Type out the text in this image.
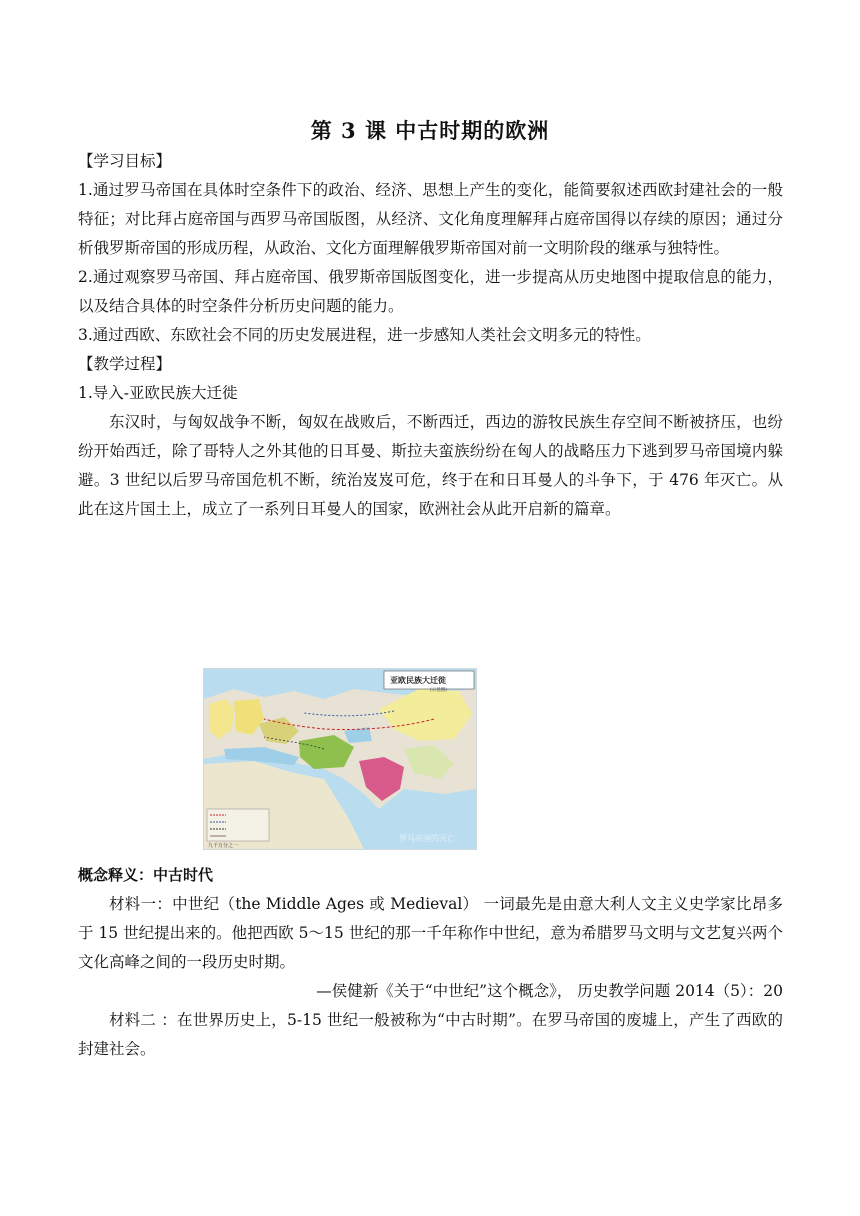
第 3 课 中古时期的欧洲

【学习目标】

1.通过罗马帝国在具体时空条件下的政治、经济、思想上产生的变化，能简要叙述西欧封建社会的一般特征；对比拜占庭帝国与西罗马帝国版图，从经济、文化角度理解拜占庭帝国得以存续的原因；通过分析俄罗斯帝国的形成历程，从政治、文化方面理解俄罗斯帝国对前一文明阶段的继承与独特性。

2.通过观察罗马帝国、拜占庭帝国、俄罗斯帝国版图变化，进一步提高从历史地图中提取信息的能力，以及结合具体的时空条件分析历史问题的能力。

3.通过西欧、东欧社会不同的历史发展进程，进一步感知人类社会文明多元的特性。

【教学过程】

1.导入-亚欧民族大迁徙

东汉时，与匈奴战争不断，匈奴在战败后，不断西迁，西边的游牧民族生存空间不断被挤压，也纷纷开始西迁，除了哥特人之外其他的日耳曼、斯拉夫蛮族纷纷在匈人的战略压力下逃到罗马帝国境内躲避。3 世纪以后罗马帝国危机不断，统治岌岌可危，终于在和日耳曼人的斗争下，于 476 年灭亡。从此在这片国土上，成立了一系列日耳曼人的国家，欧洲社会从此开启新的篇章。

亚欧民族大迁徙
(示意图)
九千万分之一
罗马帝国的灭亡

概念释义：中古时代

材料一：中世纪（the Middle Ages 或 Medieval） 一词最先是由意大利人文主义史学家比昂多于 15 世纪提出来的。他把西欧 5～15 世纪的那一千年称作中世纪，意为希腊罗马文明与文艺复兴两个文化高峰之间的一段历史时期。

—侯健新《关于“中世纪”这个概念》， 历史教学问题 2014（5）：20

材料二 ：在世界历史上，5-15 世纪一般被称为“中古时期”。在罗马帝国的废墟上，产生了西欧的封建社会。
